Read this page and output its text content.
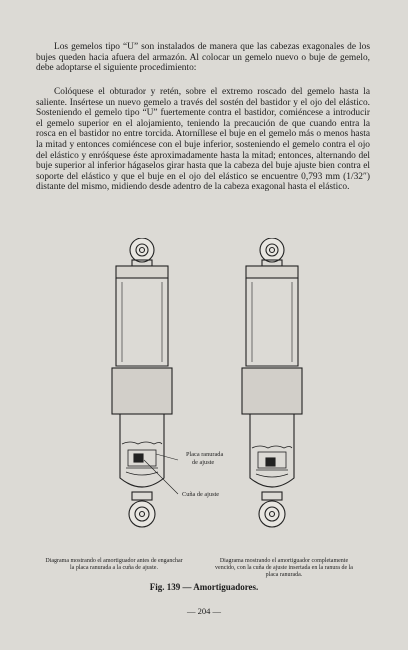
Los gemelos tipo “U” son instalados de manera que las cabezas exagonales de los bujes queden hacia afuera del armazón. Al colocar un gemelo nuevo o buje de gemelo, debe adoptarse el siguiente procedimiento:

Colóquese el obturador y retén, sobre el extremo roscado del gemelo hasta la saliente. Insértese un nuevo gemelo a través del sostén del bastidor y el ojo del elástico. Sosteniendo el gemelo tipo “U” fuertemente contra el bastidor, comiéncese a introducir el gemelo superior en el alojamiento, teniendo la precaución de que cuando entra la rosca en el bastidor no entre torcida. Atorníllese el buje en el gemelo más o menos hasta la mitad y entonces comiéncese con el buje inferior, sosteniendo el gemelo contra el ojo del elástico y enróśquese éste aproximadamente hasta la mitad; entonces, alternando del buje superior al inferior hágaselos girar hasta que la cabeza del buje ajuste bien contra el soporte del elástico y que el buje en el ojo del elástico se encuentre 0,793 mm (1/32″) distante del mismo, midiendo desde adentro de la cabeza exagonal hasta el elástico.

Placa ranurada
de ajuste
Cuña de ajuste
Diagrama mostrando el amortiguador antes de enganchar la placa ranurada a la cuña de ajuste.
Diagrama mostrando el amortiguador completamente vencido, con la cuña de ajuste insertada en la ranura de la placa ranurada.
Fig. 139 — Amortiguadores.
— 204 —
